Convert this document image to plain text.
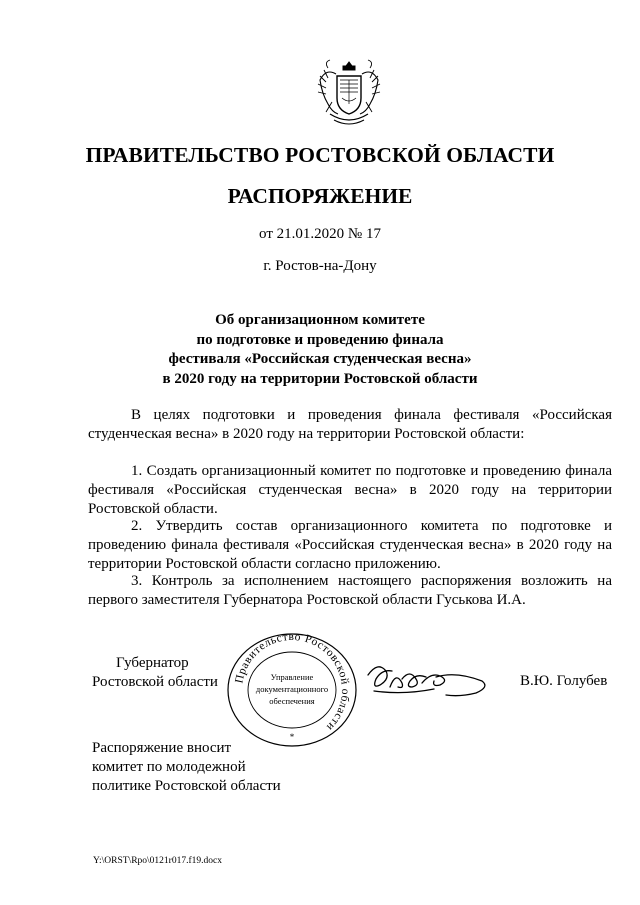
ПРАВИТЕЛЬСТВО РОСТОВСКОЙ ОБЛАСТИ
РАСПОРЯЖЕНИЕ
от 21.01.2020 № 17
г. Ростов-на-Дону
Об организационном комитете
по подготовке и проведению финала
фестиваля «Российская студенческая весна»
в 2020 году на территории Ростовской области

В целях подготовки и проведения финала фестиваля «Российская студенческая весна» в 2020 году на территории Ростовской области:

1. Создать организационный комитет по подготовке и проведению финала фестиваля «Российская студенческая весна» в 2020 году на территории Ростовской области.

2. Утвердить состав организационного комитета по подготовке и проведению финала фестиваля «Российская студенческая весна» в 2020 году на территории Ростовской области согласно приложению.

3. Контроль за исполнением настоящего распоряжения возложить на первого заместителя Губернатора Ростовской области Гуськова И.А.

Губернатор
Ростовской области Правительство Ростовской области
Управление
документационного
обеспечения
*
В.Ю. Голубев
Распоряжение вносит
комитет по молодежной
политике Ростовской области
Y:\ORST\Rpo\0121r017.f19.docx
